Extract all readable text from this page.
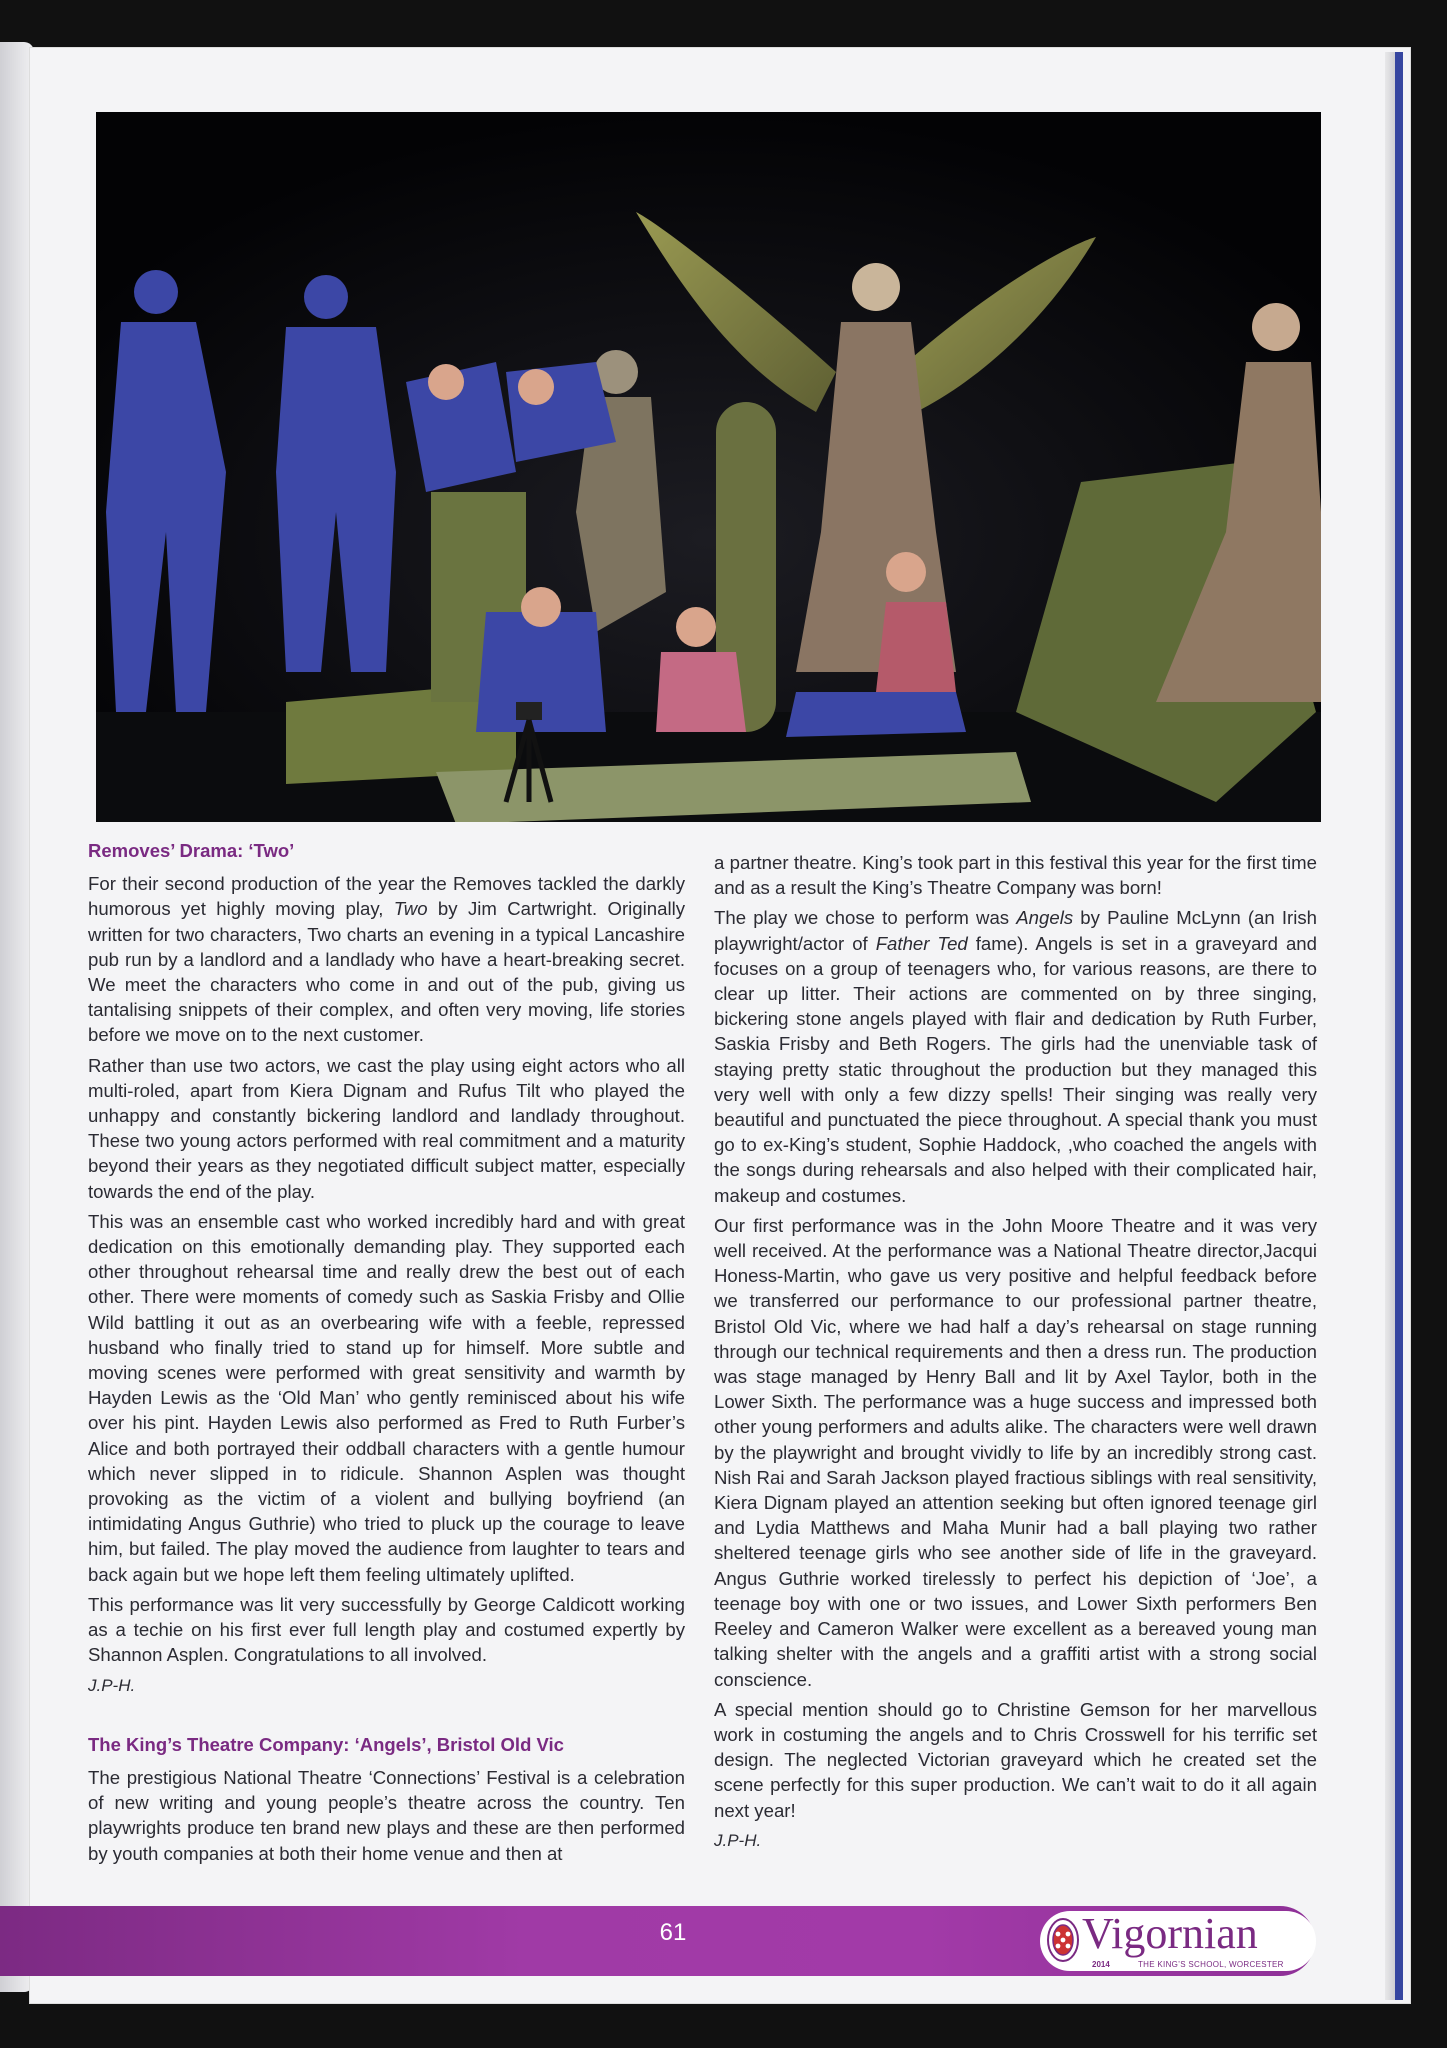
Removes’ Drama: ‘Two’

For their second production of the year the Removes tackled the darkly humorous yet highly moving play, Two by Jim Cartwright. Originally written for two characters, Two charts an evening in a typical Lancashire pub run by a landlord and a landlady who have a heart-breaking secret. We meet the characters who come in and out of the pub, giving us tantalising snippets of their complex, and often very moving, life stories before we move on to the next customer.

Rather than use two actors, we cast the play using eight actors who all multi-roled, apart from Kiera Dignam and Rufus Tilt who played the unhappy and constantly bickering landlord and landlady throughout. These two young actors performed with real commitment and a maturity beyond their years as they negotiated difficult subject matter, especially towards the end of the play.

This was an ensemble cast who worked incredibly hard and with great dedication on this emotionally demanding play. They supported each other throughout rehearsal time and really drew the best out of each other. There were moments of comedy such as Saskia Frisby and Ollie Wild battling it out as an overbearing wife with a feeble, repressed husband who finally tried to stand up for himself. More subtle and moving scenes were performed with great sensitivity and warmth by Hayden Lewis as the ‘Old Man’ who gently reminisced about his wife over his pint. Hayden Lewis also performed as Fred to Ruth Furber’s Alice and both portrayed their oddball characters with a gentle humour which never slipped in to ridicule. Shannon Asplen was thought provoking as the victim of a violent and bullying boyfriend (an intimidating Angus Guthrie) who tried to pluck up the courage to leave him, but failed. The play moved the audience from laughter to tears and back again but we hope left them feeling ultimately uplifted.

This performance was lit very successfully by George Caldicott working as a techie on his first ever full length play and costumed expertly by Shannon Asplen. Congratulations to all involved.

J.P-H.
The King’s Theatre Company: ‘Angels’, Bristol Old Vic

The prestigious National Theatre ‘Connections’ Festival is a celebration of new writing and young people’s theatre across the country. Ten playwrights produce ten brand new plays and these are then performed by youth companies at both their home venue and then at

a partner theatre. King’s took part in this festival this year for the first time and as a result the King’s Theatre Company was born!

The play we chose to perform was Angels by Pauline McLynn (an Irish playwright/actor of Father Ted fame). Angels is set in a graveyard and focuses on a group of teenagers who, for various reasons, are there to clear up litter. Their actions are commented on by three singing, bickering stone angels played with flair and dedication by Ruth Furber, Saskia Frisby and Beth Rogers. The girls had the unenviable task of staying pretty static throughout the production but they managed this very well with only a few dizzy spells! Their singing was really very beautiful and punctuated the piece throughout. A special thank you must go to ex-King’s student, Sophie Haddock, ,who coached the angels with the songs during rehearsals and also helped with their complicated hair, makeup and costumes.

Our first performance was in the John Moore Theatre and it was very well received. At the performance was a National Theatre director,Jacqui Honess-Martin, who gave us very positive and helpful feedback before we transferred our performance to our professional partner theatre, Bristol Old Vic, where we had half a day’s rehearsal on stage running through our technical requirements and then a dress run. The production was stage managed by Henry Ball and lit by Axel Taylor, both in the Lower Sixth. The performance was a huge success and impressed both other young performers and adults alike. The characters were well drawn by the playwright and brought vividly to life by an incredibly strong cast. Nish Rai and Sarah Jackson played fractious siblings with real sensitivity, Kiera Dignam played an attention seeking but often ignored teenage girl and Lydia Matthews and Maha Munir had a ball playing two rather sheltered teenage girls who see another side of life in the graveyard. Angus Guthrie worked tirelessly to perfect his depiction of ‘Joe’, a teenage boy with one or two issues, and Lower Sixth performers Ben Reeley and Cameron Walker were excellent as a bereaved young man talking shelter with the angels and a graffiti artist with a strong social conscience.

A special mention should go to Christine Gemson for her marvellous work in costuming the angels and to Chris Crosswell for his terrific set design. The neglected Victorian graveyard which he created set the scene perfectly for this super production. We can’t wait to do it all again next year!

J.P-H.
61	Vigornian
2014	THE KING’S SCHOOL, WORCESTER
